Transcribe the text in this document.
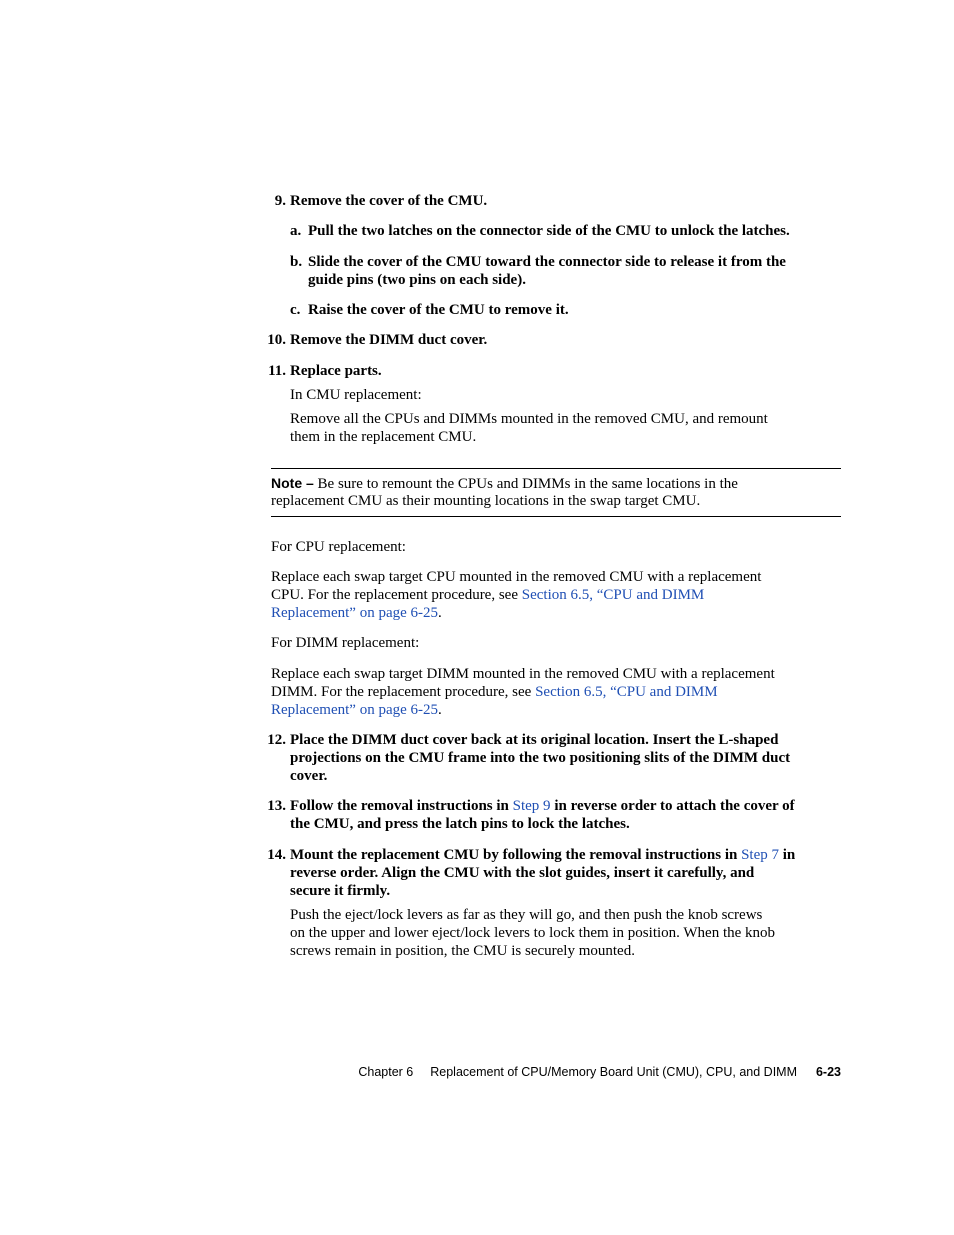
9. Remove the cover of the CMU.
a. Pull the two latches on the connector side of the CMU to unlock the latches.
b. Slide the cover of the CMU toward the connector side to release it from the
guide pins (two pins on each side).
c. Raise the cover of the CMU to remove it.
10. Remove the DIMM duct cover.
11. Replace parts.
In CMU replacement:
Remove all the CPUs and DIMMs mounted in the removed CMU, and remount
them in the replacement CMU.
Note – Be sure to remount the CPUs and DIMMs in the same locations in the
replacement CMU as their mounting locations in the swap target CMU.
For CPU replacement:
Replace each swap target CPU mounted in the removed CMU with a replacement
CPU. For the replacement procedure, see Section 6.5, “CPU and DIMM
Replacement” on page 6-25.
For DIMM replacement:
Replace each swap target DIMM mounted in the removed CMU with a replacement
DIMM. For the replacement procedure, see Section 6.5, “CPU and DIMM
Replacement” on page 6-25.
12. Place the DIMM duct cover back at its original location. Insert the L-shaped
projections on the CMU frame into the two positioning slits of the DIMM duct
cover.
13. Follow the removal instructions in Step 9 in reverse order to attach the cover of
the CMU, and press the latch pins to lock the latches.
14. Mount the replacement CMU by following the removal instructions in Step 7 in
reverse order. Align the CMU with the slot guides, insert it carefully, and
secure it firmly.
Push the eject/lock levers as far as they will go, and then push the knob screws
on the upper and lower eject/lock levers to lock them in position. When the knob
screws remain in position, the CMU is securely mounted.
Chapter 6 Replacement of CPU/Memory Board Unit (CMU), CPU, and DIMM 6-23
